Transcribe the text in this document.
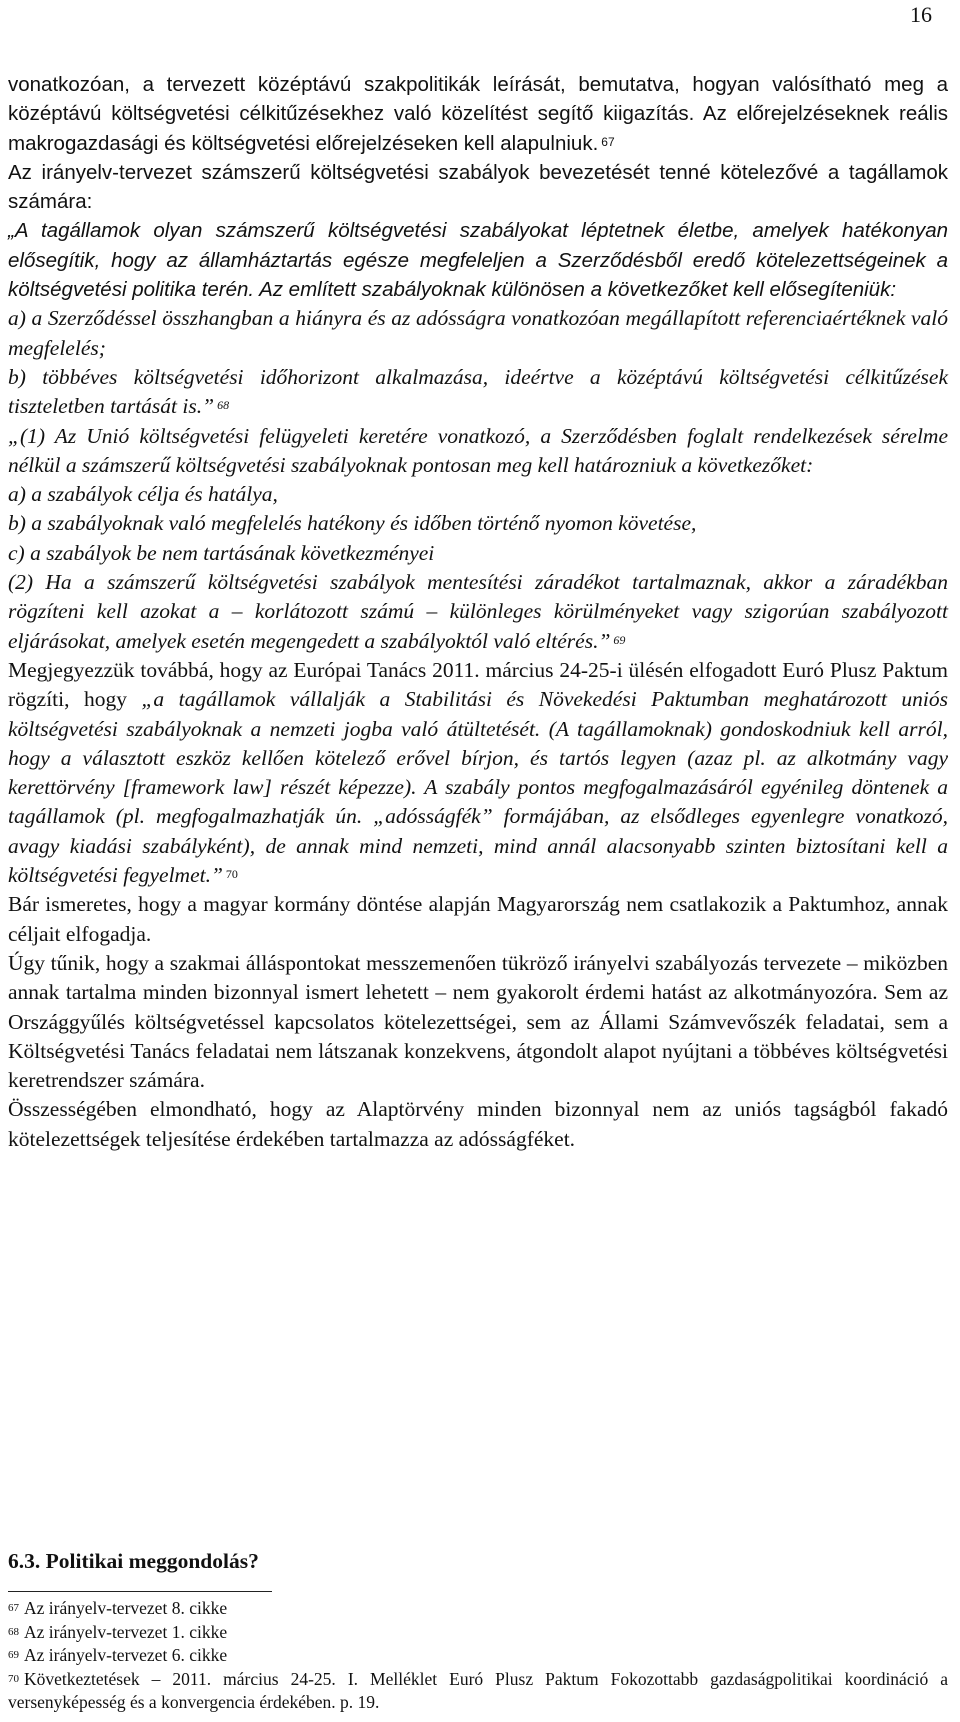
16

vonatkozóan, a tervezett középtávú szakpolitikák leírását, bemutatva, hogyan valósítható meg a középtávú költségvetési célkitűzésekhez való közelítést segítő kiigazítás. Az előrejelzéseknek reális makrogazdasági és költségvetési előrejelzéseken kell alapulniuk. $^{67}$

Az irányelv-tervezet számszerű költségvetési szabályok bevezetését tenné kötelezővé a tagállamok számára:

„A tagállamok olyan számszerű költségvetési szabályokat léptetnek életbe, amelyek hatékonyan elősegítik, hogy az államháztartás egésze megfeleljen a Szerződésből eredő kötelezettségeinek a költségvetési politika terén. Az említett szabályoknak különösen a következőket kell elősegíteniük:

a) a Szerződéssel összhangban a hiányra és az adósságra vonatkozóan megállapított referenciaértéknek való megfelelés;

b) többéves költségvetési időhorizont alkalmazása, ideértve a középtávú költségvetési célkitűzések tiszteletben tartását is.” $^{68}$

„(1) Az Unió költségvetési felügyeleti keretére vonatkozó, a Szerződésben foglalt rendelkezések sérelme nélkül a számszerű költségvetési szabályoknak pontosan meg kell határozniuk a következőket:

a) a szabályok célja és hatálya,

b) a szabályoknak való megfelelés hatékony és időben történő nyomon követése,

c) a szabályok be nem tartásának következményei

(2) Ha a számszerű költségvetési szabályok mentesítési záradékot tartalmaznak, akkor a záradékban rögzíteni kell azokat a – korlátozott számú – különleges körülményeket vagy szigorúan szabályozott eljárásokat, amelyek esetén megengedett a szabályoktól való eltérés.” $^{69}$

Megjegyezzük továbbá, hogy az Európai Tanács 2011. március 24-25-i ülésén elfogadott Euró Plusz Paktum rögzíti, hogy „a tagállamok vállalják a Stabilitási és Növekedési Paktumban meghatározott uniós költségvetési szabályoknak a nemzeti jogba való átültetését. (A tagállamoknak) gondoskodniuk kell arról, hogy a választott eszköz kellően kötelező erővel bírjon, és tartós legyen (azaz pl. az alkotmány vagy kerettörvény [framework law] részét képezze). A szabály pontos megfogalmazásáról egyénileg döntenek a tagállamok (pl. megfogalmazhatják ún. „adósságfék” formájában, az elsődleges egyenlegre vonatkozó, avagy kiadási szabályként), de annak mind nemzeti, mind annál alacsonyabb szinten biztosítani kell a költségvetési fegyelmet.” $^{70}$

Bár ismeretes, hogy a magyar kormány döntése alapján Magyarország nem csatlakozik a Paktumhoz, annak céljait elfogadja.

Úgy tűnik, hogy a szakmai álláspontokat messzemenően tükröző irányelvi szabályozás tervezete – miközben annak tartalma minden bizonnyal ismert lehetett – nem gyakorolt érdemi hatást az alkotmányozóra. Sem az Országgyűlés költségvetéssel kapcsolatos kötelezettségei, sem az Állami Számvevőszék feladatai, sem a Költségvetési Tanács feladatai nem látszanak konzekvens, átgondolt alapot nyújtani a többéves költségvetési keretrendszer számára.

Összességében elmondható, hogy az Alaptörvény minden bizonnyal nem az uniós tagságból fakadó kötelezettségek teljesítése érdekében tartalmazza az adósságféket.

6.3. Politikai meggondolás?

$^{67}$ Az irányelv-tervezet 8. cikke

$^{68}$ Az irányelv-tervezet 1. cikke

$^{69}$ Az irányelv-tervezet 6. cikke

$^{70}$ Következtetések – 2011. március 24-25. I. Melléklet Euró Plusz Paktum Fokozottabb gazdaságpolitikai koordináció a versenyképesség és a konvergencia érdekében. p. 19.
